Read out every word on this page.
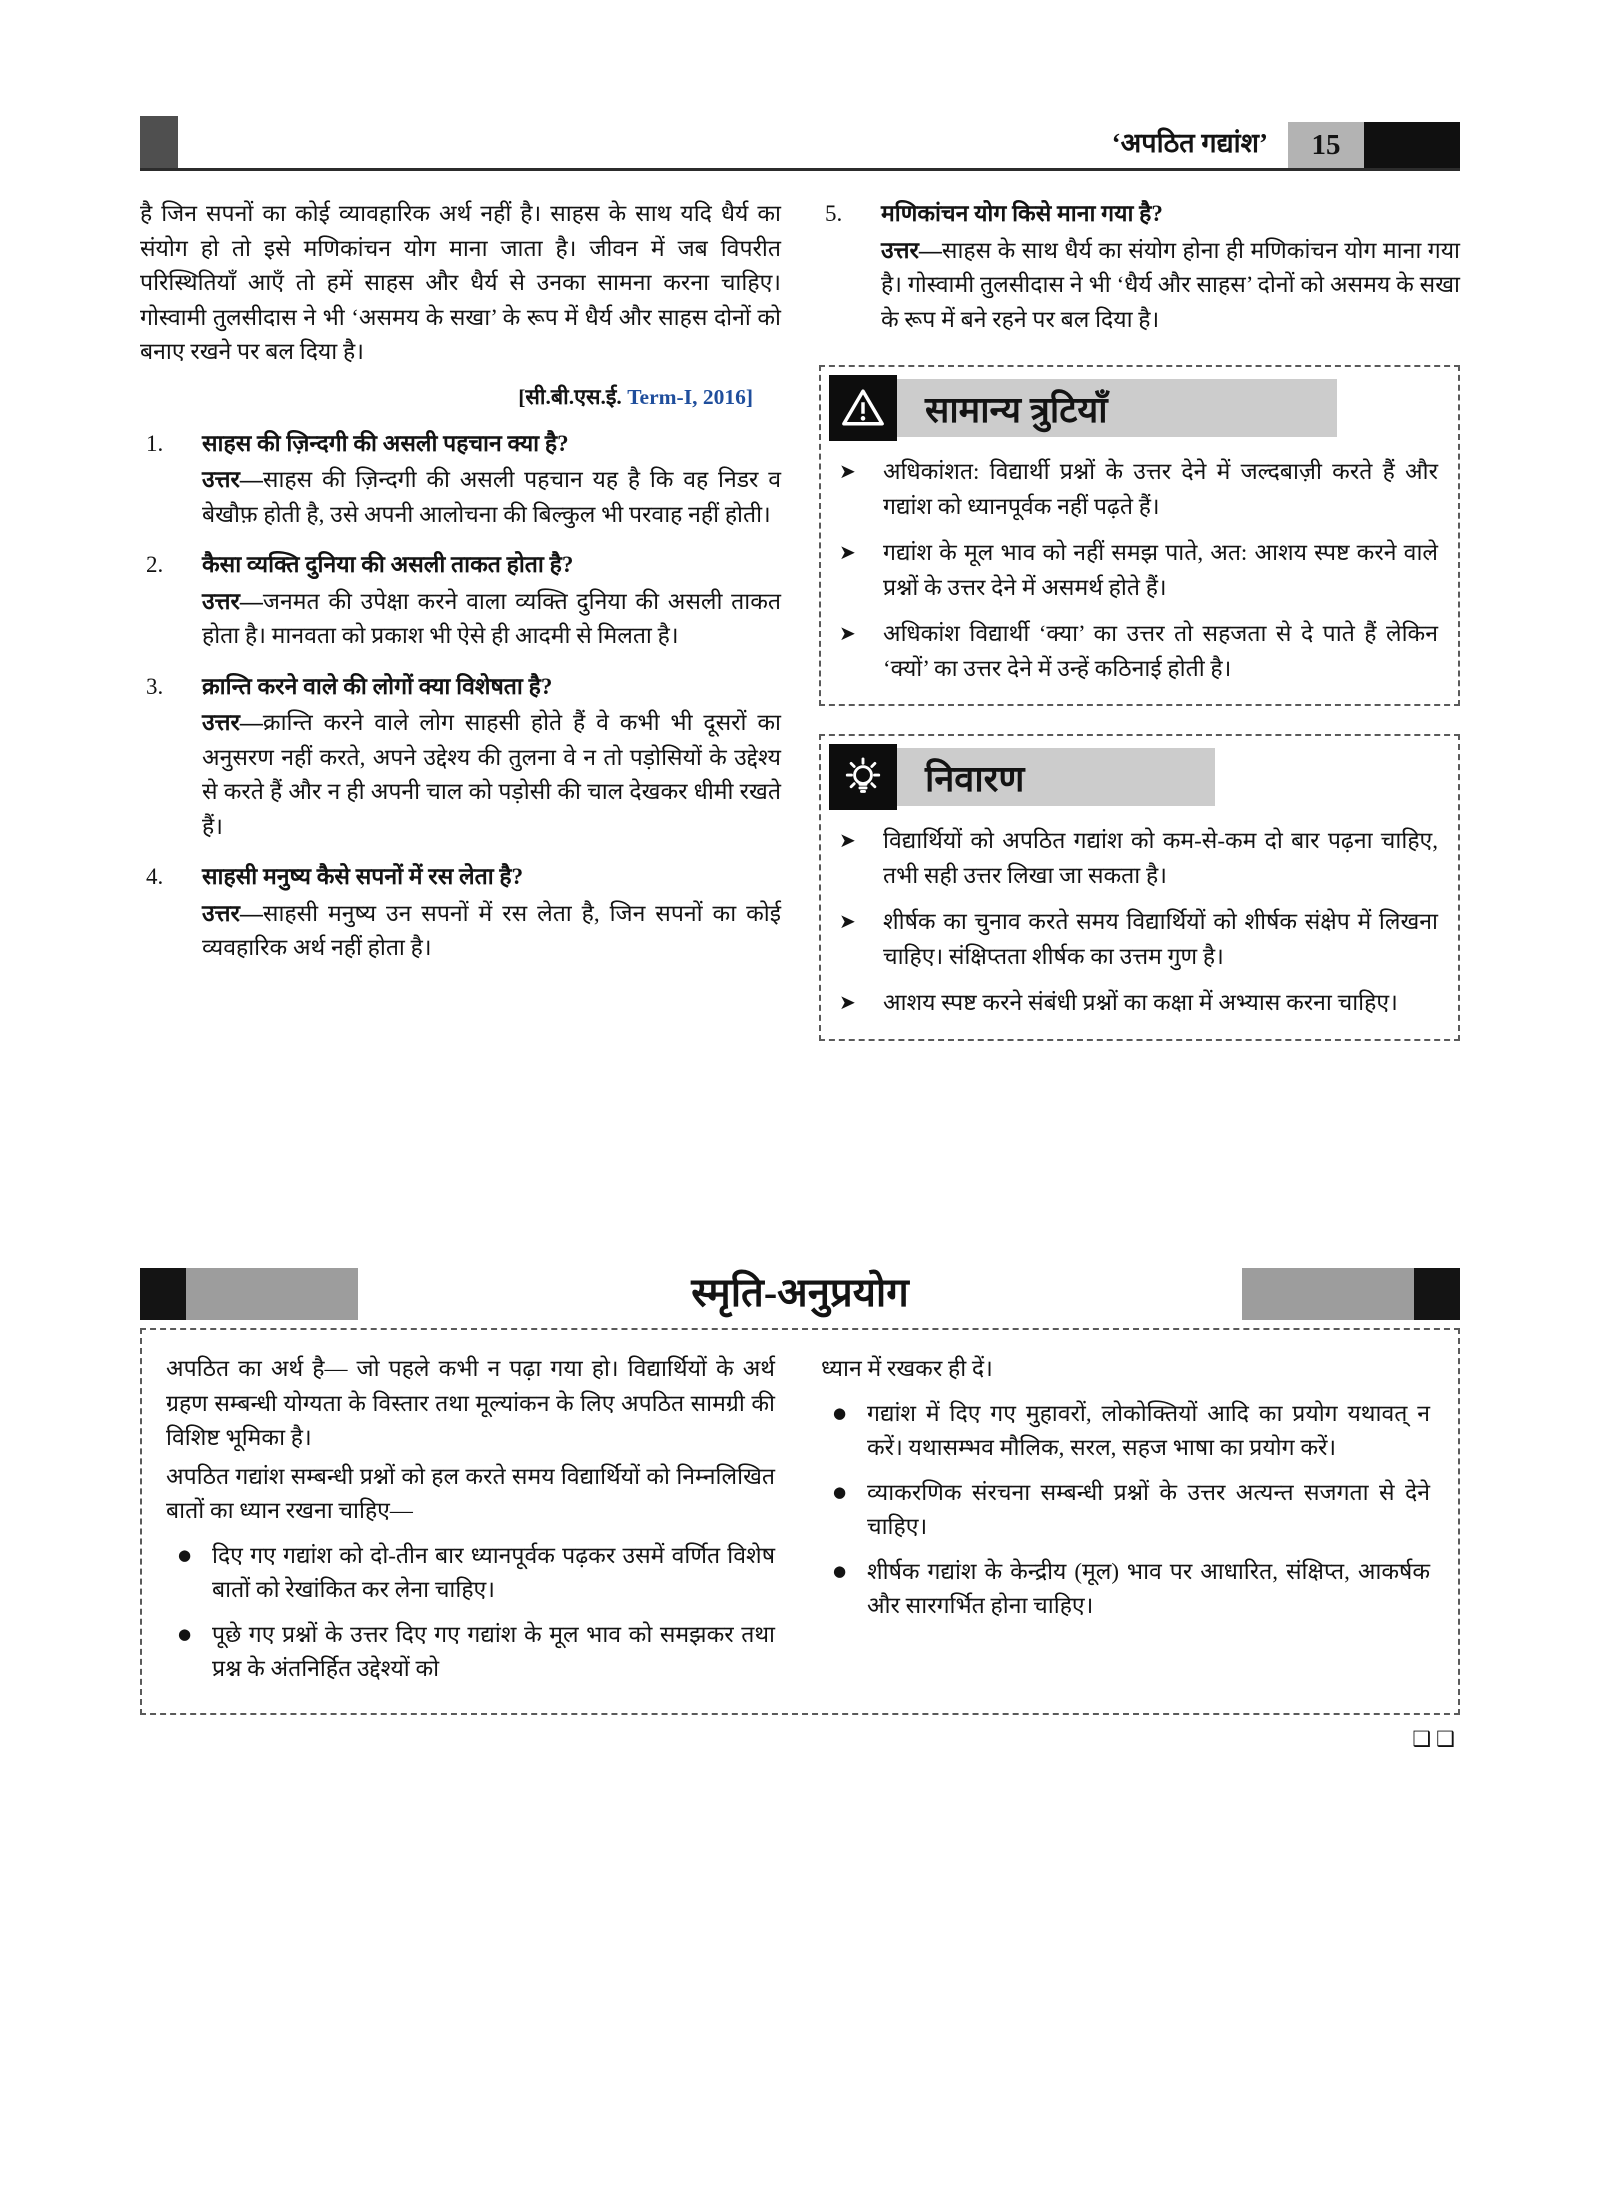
‘अपठित गद्यांश’	15

है जिन सपनों का कोई व्यावहारिक अर्थ नहीं है। साहस के साथ यदि धैर्य का संयोग हो तो इसे मणिकांचन योग माना जाता है। जीवन में जब विपरीत परिस्थितियाँ आएँ तो हमें साहस और धैर्य से उनका सामना करना चाहिए। गोस्वामी तुलसीदास ने भी ‘असमय के सखा’ के रूप में धैर्य और साहस दोनों को बनाए रखने पर बल दिया है।

[सी.बी.एस.ई. Term-I, 2016]
1.	साहस की ज़िन्दगी की असली पहचान क्या है?

उत्तर—साहस की ज़िन्दगी की असली पहचान यह है कि वह निडर व बेखौफ़ होती है, उसे अपनी आलोचना की बिल्कुल भी परवाह नहीं होती।

2.	कैसा व्यक्ति दुनिया की असली ताकत होता है?

उत्तर—जनमत की उपेक्षा करने वाला व्यक्ति दुनिया की असली ताकत होता है। मानवता को प्रकाश भी ऐसे ही आदमी से मिलता है।

3.	क्रान्ति करने वाले की लोगों क्या विशेषता है?

उत्तर—क्रान्ति करने वाले लोग साहसी होते हैं वे कभी भी दूसरों का अनुसरण नहीं करते, अपने उद्देश्य की तुलना वे न तो पड़ोसियों के उद्देश्य से करते हैं और न ही अपनी चाल को पड़ोसी की चाल देखकर धीमी रखते हैं।

4.	साहसी मनुष्य कैसे सपनों में रस लेता है?

उत्तर—साहसी मनुष्य उन सपनों में रस लेता है, जिन सपनों का कोई व्यवहारिक अर्थ नहीं होता है।

5.	मणिकांचन योग किसे माना गया है?

उत्तर—साहस के साथ धैर्य का संयोग होना ही मणिकांचन योग माना गया है। गोस्वामी तुलसीदास ने भी ‘धैर्य और साहस’ दोनों को असमय के सखा के रूप में बने रहने पर बल दिया है।

सामान्य त्रुटियाँ
➤	अधिकांशत: विद्यार्थी प्रश्नों के उत्तर देने में जल्दबाज़ी करते हैं और गद्यांश को ध्यानपूर्वक नहीं पढ़ते हैं।
➤	गद्यांश के मूल भाव को नहीं समझ पाते, अत: आशय स्पष्ट करने वाले प्रश्नों के उत्तर देने में असमर्थ होते हैं।
➤	अधिकांश विद्यार्थी ‘क्या’ का उत्तर तो सहजता से दे पाते हैं लेकिन ‘क्यों’ का उत्तर देने में उन्हें कठिनाई होती है।
निवारण
➤	विद्यार्थियों को अपठित गद्यांश को कम-से-कम दो बार पढ़ना चाहिए, तभी सही उत्तर लिखा जा सकता है।
➤	शीर्षक का चुनाव करते समय विद्यार्थियों को शीर्षक संक्षेप में लिखना चाहिए। संक्षिप्तता शीर्षक का उत्तम गुण है।
➤	आशय स्पष्ट करने संबंधी प्रश्नों का कक्षा में अभ्यास करना चाहिए।
स्मृति-अनुप्रयोग

अपठित का अर्थ है— जो पहले कभी न पढ़ा गया हो। विद्यार्थियों के अर्थ ग्रहण सम्बन्धी योग्यता के विस्तार तथा मूल्यांकन के लिए अपठित सामग्री की विशिष्ट भूमिका है।

अपठित गद्यांश सम्बन्धी प्रश्नों को हल करते समय विद्यार्थियों को निम्नलिखित बातों का ध्यान रखना चाहिए—

● दिए गए गद्यांश को दो-तीन बार ध्यानपूर्वक पढ़कर उसमें वर्णित विशेष बातों को रेखांकित कर लेना चाहिए।
● पूछे गए प्रश्नों के उत्तर दिए गए गद्यांश के मूल भाव को समझकर तथा प्रश्न के अंतनिर्हित उद्देश्यों को

ध्यान में रखकर ही दें।

● गद्यांश में दिए गए मुहावरों, लोकोक्तियों आदि का प्रयोग यथावत् न करें। यथासम्भव मौलिक, सरल, सहज भाषा का प्रयोग करें।
● व्याकरणिक संरचना सम्बन्धी प्रश्नों के उत्तर अत्यन्त सजगता से देने चाहिए।
● शीर्षक गद्यांश के केन्द्रीय (मूल) भाव पर आधारित, संक्षिप्त, आकर्षक और सारगर्भित होना चाहिए।
❑❑
